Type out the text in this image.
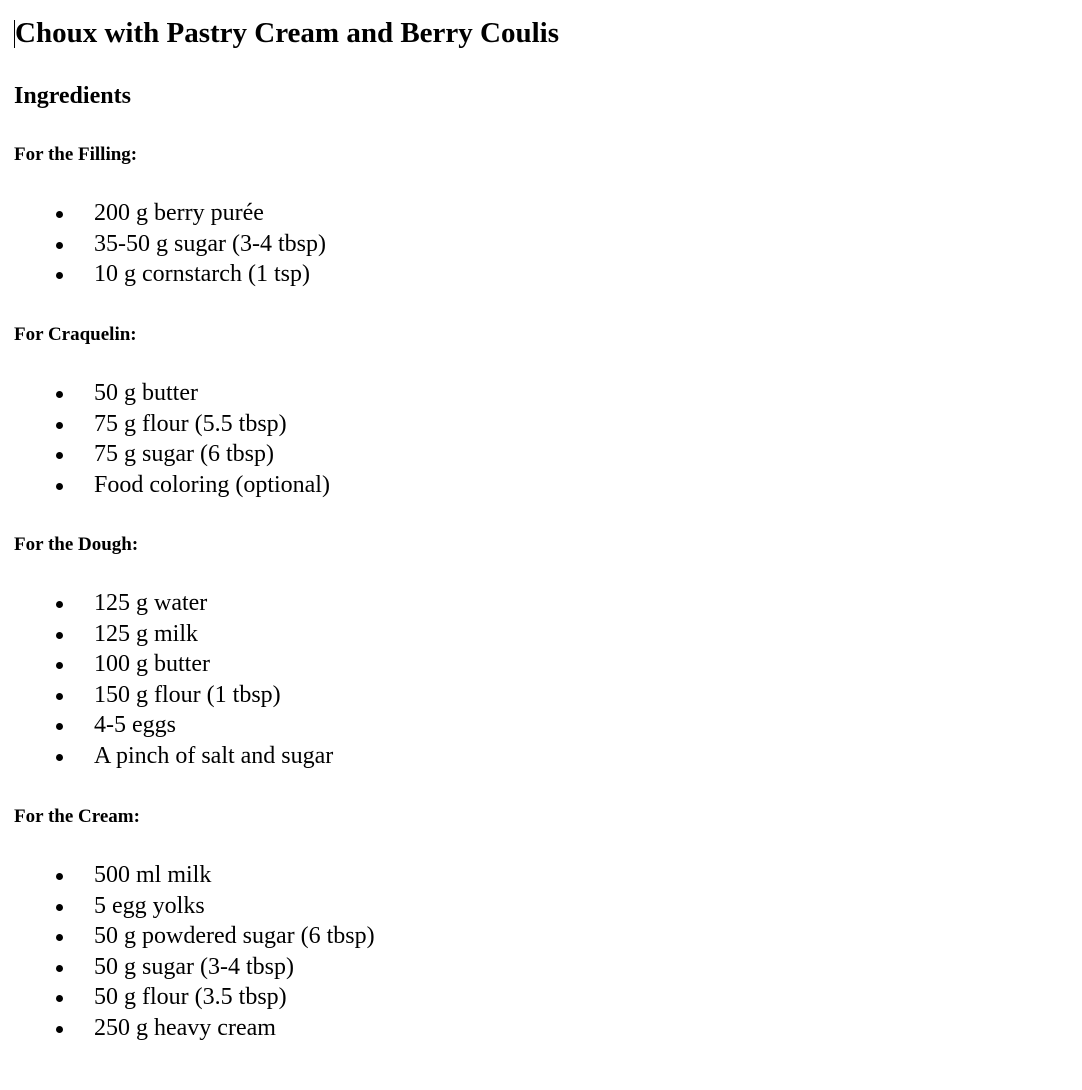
Choux with Pastry Cream and Berry Coulis
Ingredients
For the Filling:
200 g berry purée
35-50 g sugar (3-4 tbsp)
10 g cornstarch (1 tsp)
For Craquelin:
50 g butter
75 g flour (5.5 tbsp)
75 g sugar (6 tbsp)
Food coloring (optional)
For the Dough:
125 g water
125 g milk
100 g butter
150 g flour (1 tbsp)
4-5 eggs
A pinch of salt and sugar
For the Cream:
500 ml milk
5 egg yolks
50 g powdered sugar (6 tbsp)
50 g sugar (3-4 tbsp)
50 g flour (3.5 tbsp)
250 g heavy cream
